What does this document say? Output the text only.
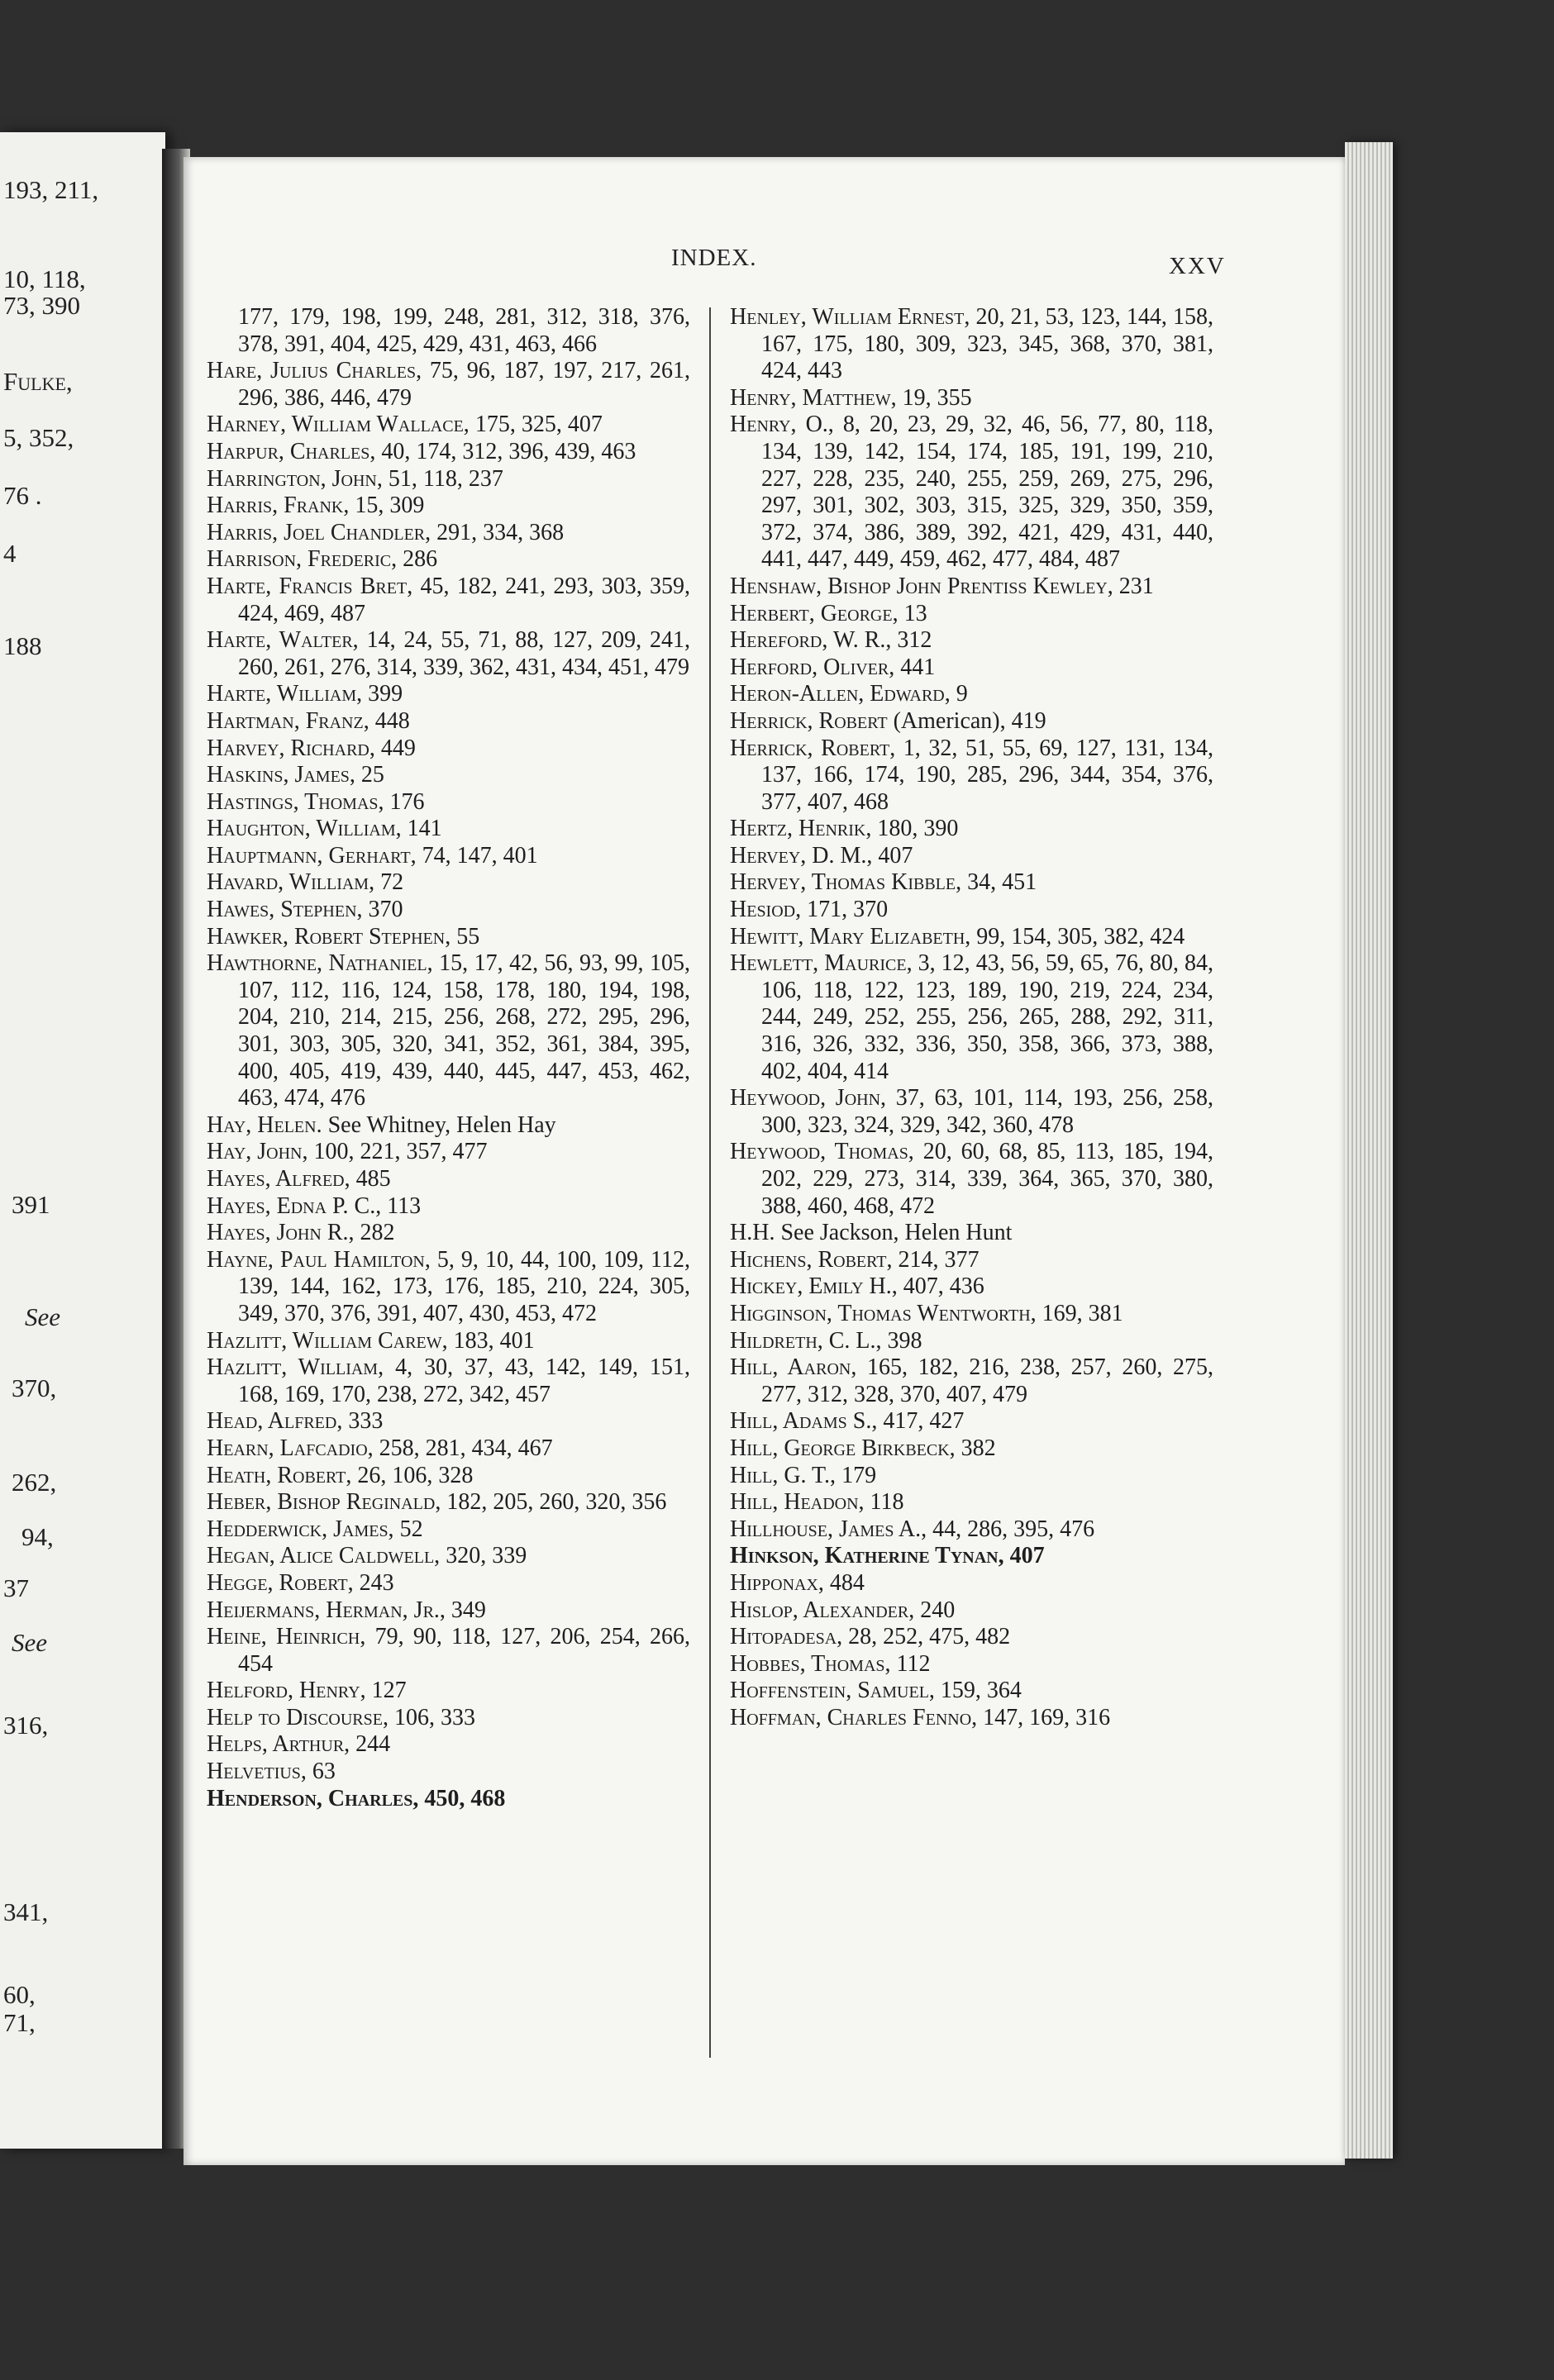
193, 211,
10, 118,
73, 390
Fulke,
5, 352,
76 .
4
188
391
See
370,
262,
94,
37
See
316,
341,
60,
71,
INDEX.	XXV
177, 179, 198, 199, 248, 281, 312, 318, 376, 378, 391, 404, 425, 429, 431, 463, 466
Hare, Julius Charles, 75, 96, 187, 197, 217, 261, 296, 386, 446, 479
Harney, William Wallace, 175, 325, 407
Harpur, Charles, 40, 174, 312, 396, 439, 463
Harrington, John, 51, 118, 237
Harris, Frank, 15, 309
Harris, Joel Chandler, 291, 334, 368
Harrison, Frederic, 286
Harte, Francis Bret, 45, 182, 241, 293, 303, 359, 424, 469, 487
Harte, Walter, 14, 24, 55, 71, 88, 127, 209, 241, 260, 261, 276, 314, 339, 362, 431, 434, 451, 479
Harte, William, 399
Hartman, Franz, 448
Harvey, Richard, 449
Haskins, James, 25
Hastings, Thomas, 176
Haughton, William, 141
Hauptmann, Gerhart, 74, 147, 401
Havard, William, 72
Hawes, Stephen, 370
Hawker, Robert Stephen, 55
Hawthorne, Nathaniel, 15, 17, 42, 56, 93, 99, 105, 107, 112, 116, 124, 158, 178, 180, 194, 198, 204, 210, 214, 215, 256, 268, 272, 295, 296, 301, 303, 305, 320, 341, 352, 361, 384, 395, 400, 405, 419, 439, 440, 445, 447, 453, 462, 463, 474, 476
Hay, Helen. See Whitney, Helen Hay
Hay, John, 100, 221, 357, 477
Hayes, Alfred, 485
Hayes, Edna P. C., 113
Hayes, John R., 282
Hayne, Paul Hamilton, 5, 9, 10, 44, 100, 109, 112, 139, 144, 162, 173, 176, 185, 210, 224, 305, 349, 370, 376, 391, 407, 430, 453, 472
Hazlitt, William Carew, 183, 401
Hazlitt, William, 4, 30, 37, 43, 142, 149, 151, 168, 169, 170, 238, 272, 342, 457
Head, Alfred, 333
Hearn, Lafcadio, 258, 281, 434, 467
Heath, Robert, 26, 106, 328
Heber, Bishop Reginald, 182, 205, 260, 320, 356
Hedderwick, James, 52
Hegan, Alice Caldwell, 320, 339
Hegge, Robert, 243
Heijermans, Herman, Jr., 349
Heine, Heinrich, 79, 90, 118, 127, 206, 254, 266, 454
Helford, Henry, 127
Help to Discourse, 106, 333
Helps, Arthur, 244
Helvetius, 63
Henderson, Charles, 450, 468
Henley, William Ernest, 20, 21, 53, 123, 144, 158, 167, 175, 180, 309, 323, 345, 368, 370, 381, 424, 443
Henry, Matthew, 19, 355
Henry, O., 8, 20, 23, 29, 32, 46, 56, 77, 80, 118, 134, 139, 142, 154, 174, 185, 191, 199, 210, 227, 228, 235, 240, 255, 259, 269, 275, 296, 297, 301, 302, 303, 315, 325, 329, 350, 359, 372, 374, 386, 389, 392, 421, 429, 431, 440, 441, 447, 449, 459, 462, 477, 484, 487
Henshaw, Bishop John Prentiss Kewley, 231
Herbert, George, 13
Hereford, W. R., 312
Herford, Oliver, 441
Heron-Allen, Edward, 9
Herrick, Robert (American), 419
Herrick, Robert, 1, 32, 51, 55, 69, 127, 131, 134, 137, 166, 174, 190, 285, 296, 344, 354, 376, 377, 407, 468
Hertz, Henrik, 180, 390
Hervey, D. M., 407
Hervey, Thomas Kibble, 34, 451
Hesiod, 171, 370
Hewitt, Mary Elizabeth, 99, 154, 305, 382, 424
Hewlett, Maurice, 3, 12, 43, 56, 59, 65, 76, 80, 84, 106, 118, 122, 123, 189, 190, 219, 224, 234, 244, 249, 252, 255, 256, 265, 288, 292, 311, 316, 326, 332, 336, 350, 358, 366, 373, 388, 402, 404, 414
Heywood, John, 37, 63, 101, 114, 193, 256, 258, 300, 323, 324, 329, 342, 360, 478
Heywood, Thomas, 20, 60, 68, 85, 113, 185, 194, 202, 229, 273, 314, 339, 364, 365, 370, 380, 388, 460, 468, 472
H.H. See Jackson, Helen Hunt
Hichens, Robert, 214, 377
Hickey, Emily H., 407, 436
Higginson, Thomas Wentworth, 169, 381
Hildreth, C. L., 398
Hill, Aaron, 165, 182, 216, 238, 257, 260, 275, 277, 312, 328, 370, 407, 479
Hill, Adams S., 417, 427
Hill, George Birkbeck, 382
Hill, G. T., 179
Hill, Headon, 118
Hillhouse, James A., 44, 286, 395, 476
Hinkson, Katherine Tynan, 407
Hipponax, 484
Hislop, Alexander, 240
Hitopadesa, 28, 252, 475, 482
Hobbes, Thomas, 112
Hoffenstein, Samuel, 159, 364
Hoffman, Charles Fenno, 147, 169, 316
